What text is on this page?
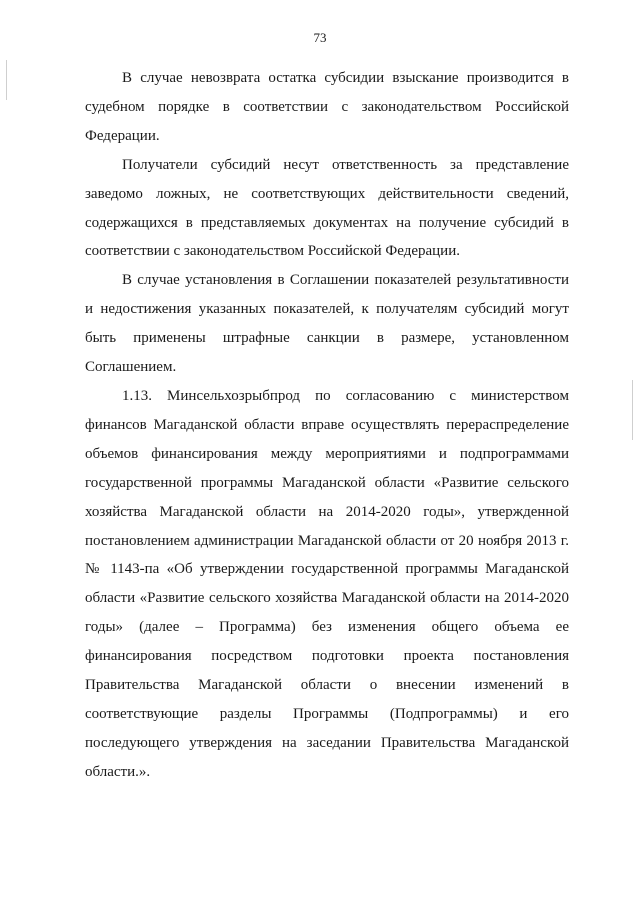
73

В случае невозврата остатка субсидии взыскание производится в судебном порядке в соответствии с законодательством Российской Федерации.

Получатели субсидий несут ответственность за представление заведомо ложных, не соответствующих действительности сведений, содержащихся в представляемых документах на получение субсидий в соответствии с законодательством Российской Федерации.

В случае установления в Соглашении показателей результативности и недостижения указанных показателей, к получателям субсидий могут быть применены штрафные санкции в размере, установленном Соглашением.

1.13. Минсельхозрыбпрод по согласованию с министерством финансов Магаданской области вправе осуществлять перераспределение объемов финансирования между мероприятиями и подпрограммами государственной программы Магаданской области «Развитие сельского хозяйства Магаданской области на 2014-2020 годы», утвержденной постановлением администрации Магаданской области от 20 ноября 2013 г. № 1143-па «Об утверждении государственной программы Магаданской области «Развитие сельского хозяйства Магаданской области на 2014-2020 годы» (далее – Программа) без изменения общего объема ее финансирования посредством подготовки проекта постановления Правительства Магаданской области о внесении изменений в соответствующие разделы Программы (Подпрограммы) и его последующего утверждения на заседании Правительства Магаданской области.».
